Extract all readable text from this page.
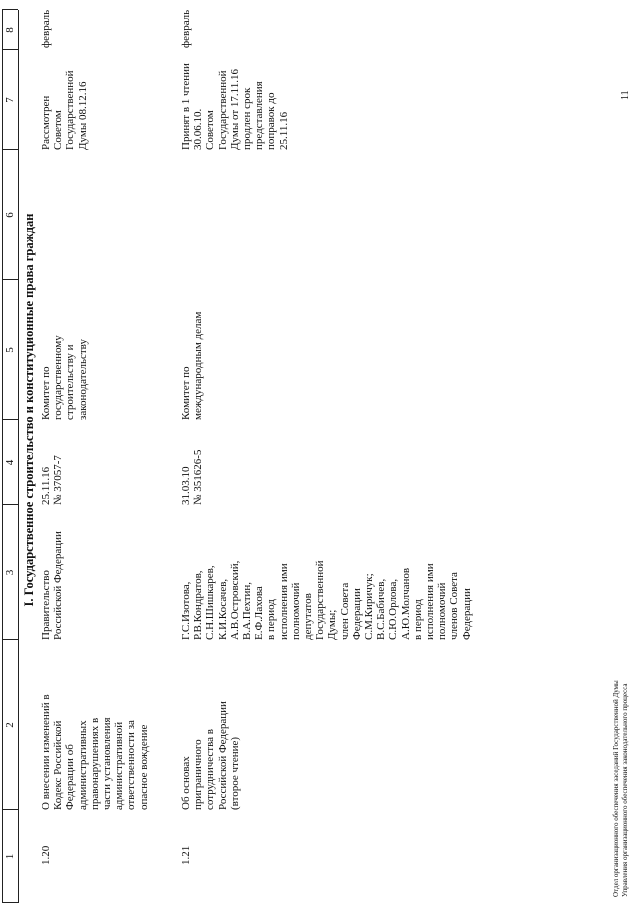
1
2
3
4
5
6
7
8
I. Государственное строительство и конституционные права граждан
1.20
О внесении изменений в
Кодекс Российской
Федерации об
административных
правонарушениях в
части установления
административной
ответственности за
опасное вождение
Правительство
Российской Федерации
25.11.16
№ 37057-7
Комитет по
государственному
строительству и
законодательству
Рассмотрен
Советом
Государственной
Думы 08.12.16
февраль
1.21
Об основах
приграничного
сотрудничества в
Российской Федерации
(второе чтение)
Г.С.Изотова,
Р.В.Кондратов,
С.Н.Шишкарев,
К.И.Косачев,
А.В.Островский,
В.А.Пехтин,
Е.Ф.Лахова
в период
исполнения ими
полномочий
депутатов
Государственной
Думы;
член Совета
Федерации
С.М.Киричук;
В.С.Бабичев,
С.Ю.Орлова,
А.Ю.Молчанов
в период
исполнения ими
полномочий
членов Совета
Федерации
31.03.10
№ 351626-5
Комитет по
международным делам
Принят в 1 чтении
30.06.10.
Советом
Государственной
Думы от 17.11.16
продлен срок
представления
поправок до
25.11.16
февраль
Отдел организационного обеспечения заседаний Государственной Думы Управления организационного обеспечения законодательного процесса
11
